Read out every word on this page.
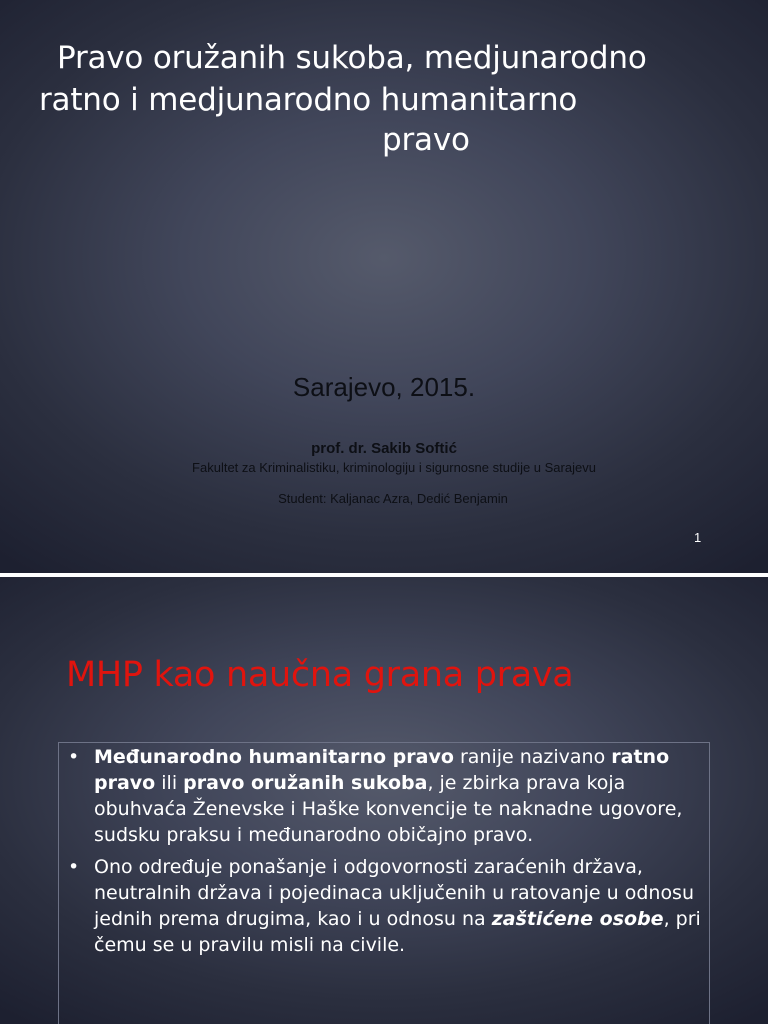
Pravo oružanih sukoba, medjunarodno
ratno i medjunarodno humanitarno
pravo
Sarajevo, 2015.
prof. dr. Sakib Softić
Fakultet za Kriminalistiku, kriminologiju i sigurnosne studije u Sarajevu
Student: Kaljanac Azra, Dedić Benjamin
1
MHP kao naučna grana prava
• Međunarodno humanitarno pravo ranije nazivano ratno pravo ili pravo oružanih sukoba, je zbirka prava koja obuhvaća Ženevske i Haške konvencije te naknadne ugovore, sudsku praksu i međunarodno običajno pravo.
• Ono određuje ponašanje i odgovornosti zaraćenih država, neutralnih država i pojedinaca uključenih u ratovanje u odnosu jednih prema drugima, kao i u odnosu na zaštićene osobe, pri čemu se u pravilu misli na civile.
